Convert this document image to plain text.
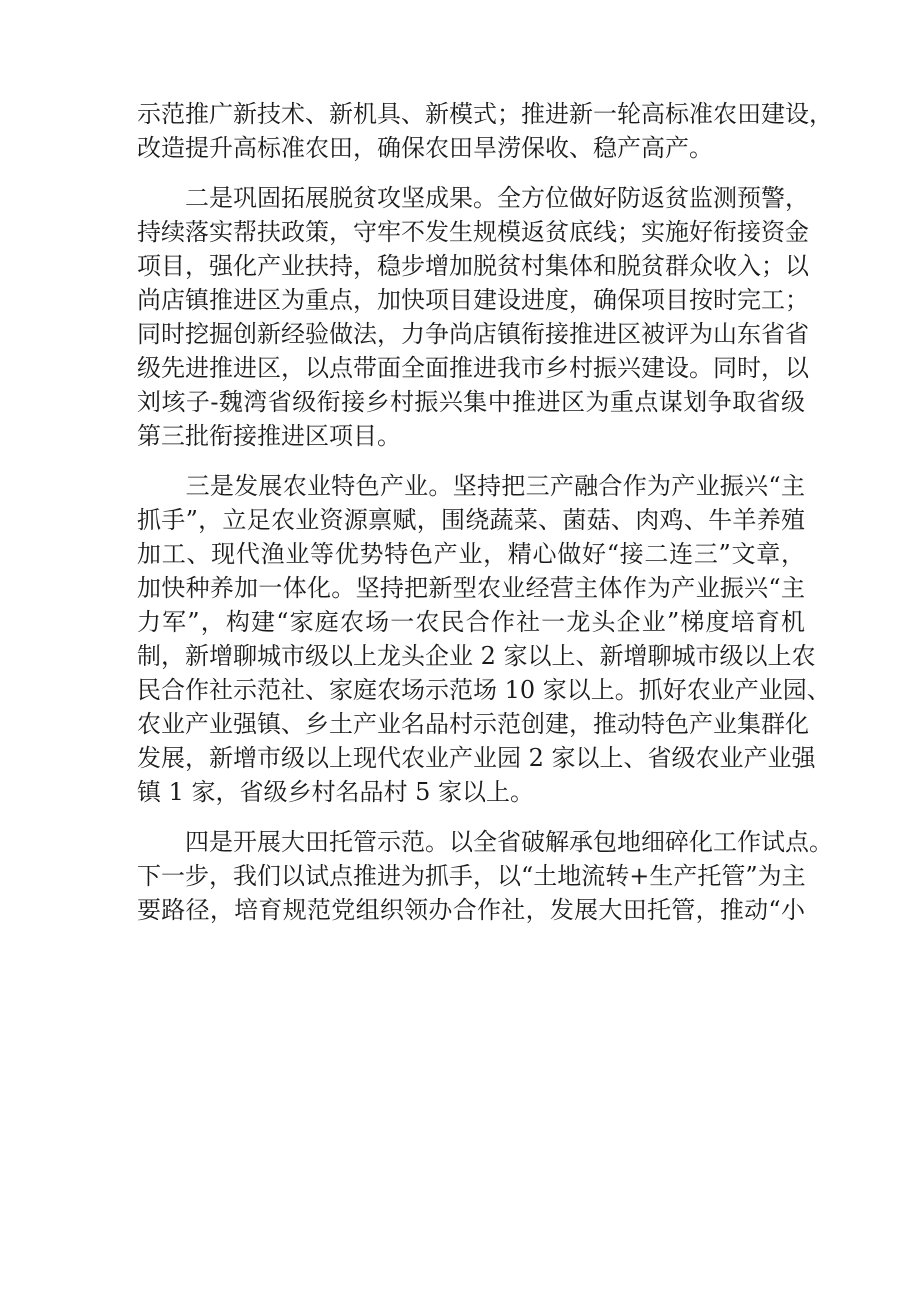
示范推广新技术、新机具、新模式；推进新一轮高标准农田建设，
改造提升高标准农田，确保农田旱涝保收、稳产高产。
　　二是巩固拓展脱贫攻坚成果。全方位做好防返贫监测预警，
持续落实帮扶政策，守牢不发生规模返贫底线；实施好衔接资金
项目，强化产业扶持，稳步增加脱贫村集体和脱贫群众收入；以
尚店镇推进区为重点，加快项目建设进度，确保项目按时完工；
同时挖掘创新经验做法，力争尚店镇衔接推进区被评为山东省省
级先进推进区，以点带面全面推进我市乡村振兴建设。同时，以
刘垓子-魏湾省级衔接乡村振兴集中推进区为重点谋划争取省级
第三批衔接推进区项目。
　　三是发展农业特色产业。坚持把三产融合作为产业振兴“主
抓手”，立足农业资源禀赋，围绕蔬菜、菌菇、肉鸡、牛羊养殖
加工、现代渔业等优势特色产业，精心做好“接二连三”文章，
加快种养加一体化。坚持把新型农业经营主体作为产业振兴“主
力军”，构建“家庭农场一农民合作社一龙头企业”梯度培育机
制，新增聊城市级以上龙头企业 2 家以上、新增聊城市级以上农
民合作社示范社、家庭农场示范场 10 家以上。抓好农业产业园、
农业产业强镇、乡土产业名品村示范创建，推动特色产业集群化
发展，新增市级以上现代农业产业园 2 家以上、省级农业产业强
镇 1 家，省级乡村名品村 5 家以上。
　　四是开展大田托管示范。以全省破解承包地细碎化工作试点。
下一步，我们以试点推进为抓手，以“土地流转+生产托管”为主
要路径，培育规范党组织领办合作社，发展大田托管，推动“小
